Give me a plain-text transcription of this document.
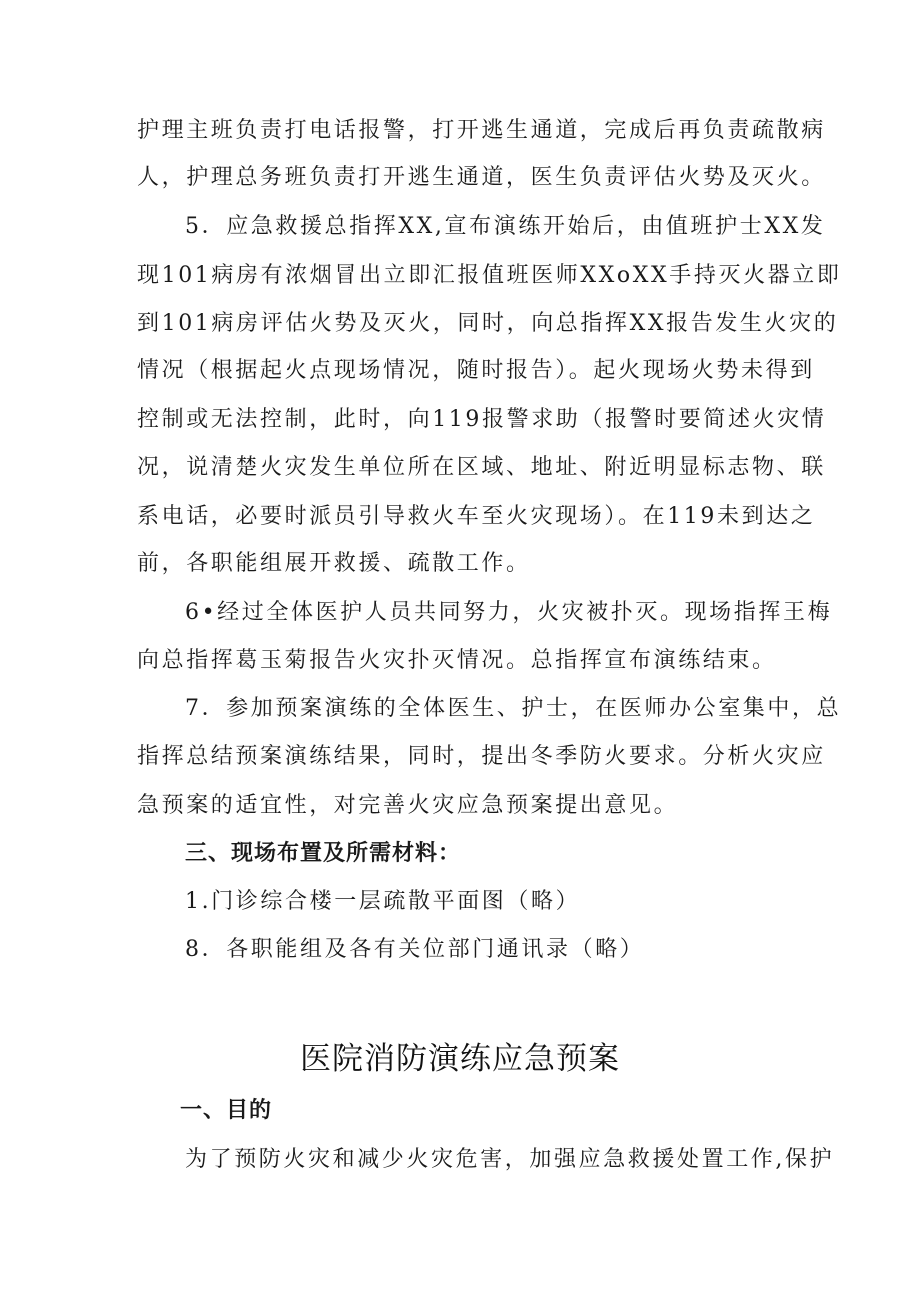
护理主班负责打电话报警，打开逃生通道，完成后再负责疏散病
人，护理总务班负责打开逃生通道，医生负责评估火势及灭火。
5．应急救援总指挥XX,宣布演练开始后，由值班护士XX发
现101病房有浓烟冒出立即汇报值班医师XXoXX手持灭火器立即
到101病房评估火势及灭火，同时，向总指挥XX报告发生火灾的
情况（根据起火点现场情况，随时报告）。起火现场火势未得到
控制或无法控制，此时，向119报警求助（报警时要简述火灾情
况，说清楚火灾发生单位所在区域、地址、附近明显标志物、联
系电话，必要时派员引导救火车至火灾现场）。在119未到达之
前，各职能组展开救援、疏散工作。
6•经过全体医护人员共同努力，火灾被扑灭。现场指挥王梅
向总指挥葛玉菊报告火灾扑灭情况。总指挥宣布演练结束。
7．参加预案演练的全体医生、护士，在医师办公室集中，总
指挥总结预案演练结果，同时，提出冬季防火要求。分析火灾应
急预案的适宜性，对完善火灾应急预案提出意见。
三、现场布置及所需材料：
1.门诊综合楼一层疏散平面图（略）
8．各职能组及各有关位部门通讯录（略）
医院消防演练应急预案
一、目的
为了预防火灾和减少火灾危害，加强应急救援处置工作,保护
